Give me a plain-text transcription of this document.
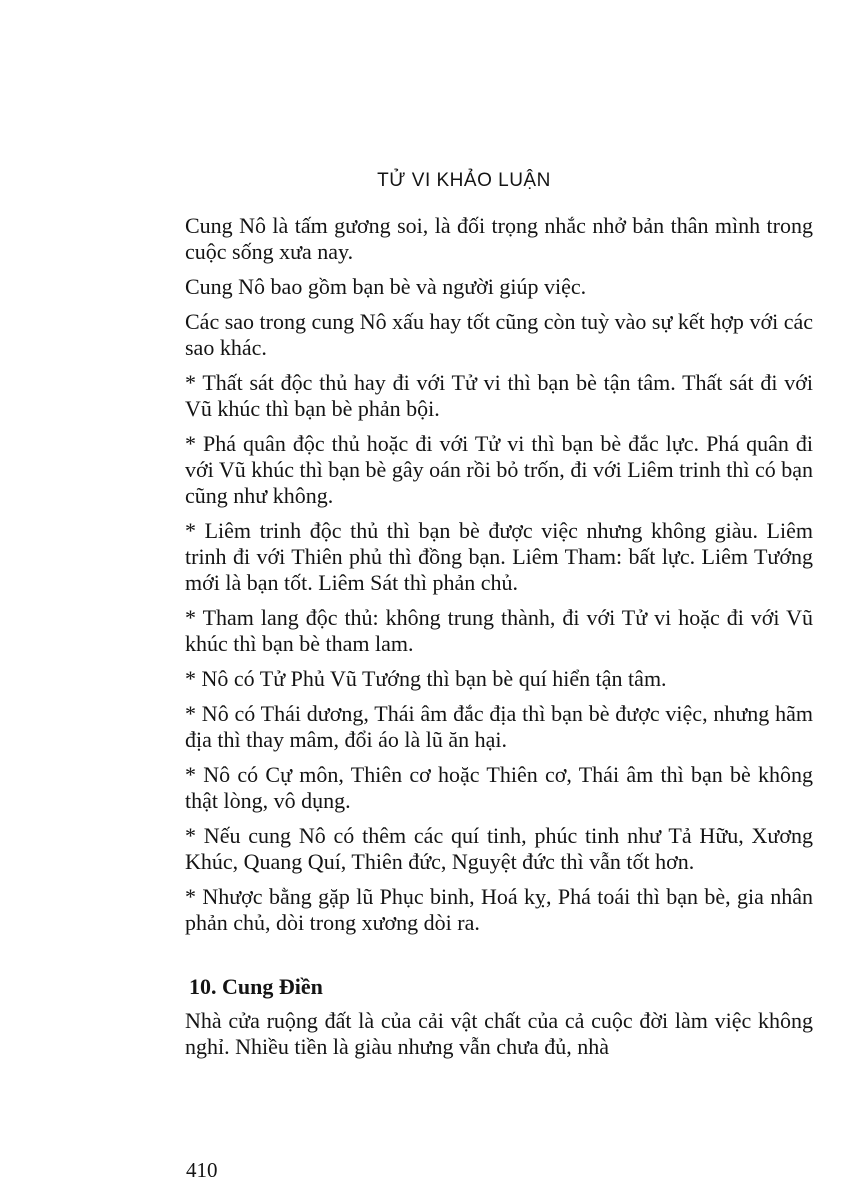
TỬ VI KHẢO LUẬN

Cung Nô là tấm gương soi, là đối trọng nhắc nhở bản thân mình trong cuộc sống xưa nay.

Cung Nô bao gồm bạn bè và người giúp việc.

Các sao trong cung Nô xấu hay tốt cũng còn tuỳ vào sự kết hợp với các sao khác.

* Thất sát độc thủ hay đi với Tử vi thì bạn bè tận tâm. Thất sát đi với Vũ khúc thì bạn bè phản bội.

* Phá quân độc thủ hoặc đi với Tử vi thì bạn bè đắc lực. Phá quân đi với Vũ khúc thì bạn bè gây oán rồi bỏ trốn, đi với Liêm trinh thì có bạn cũng như không.

* Liêm trinh độc thủ thì bạn bè được việc nhưng không giàu. Liêm trinh đi với Thiên phủ thì đồng bạn. Liêm Tham: bất lực. Liêm Tướng mới là bạn tốt. Liêm Sát thì phản chủ.

* Tham lang độc thủ: không trung thành, đi với Tử vi hoặc đi với Vũ khúc thì bạn bè tham lam.

* Nô có Tử Phủ Vũ Tướng thì bạn bè quí hiển tận tâm.

* Nô có Thái dương, Thái âm đắc địa thì bạn bè được việc, nhưng hãm địa thì thay mâm, đổi áo là lũ ăn hại.

* Nô có Cự môn, Thiên cơ hoặc Thiên cơ, Thái âm thì bạn bè không thật lòng, vô dụng.

* Nếu cung Nô có thêm các quí tinh, phúc tinh như Tả Hữu, Xương Khúc, Quang Quí, Thiên đức, Nguyệt đức thì vẫn tốt hơn.

* Nhược bằng gặp lũ Phục binh, Hoá kỵ, Phá toái thì bạn bè, gia nhân phản chủ, dòi trong xương dòi ra.

10. Cung Điền

Nhà cửa ruộng đất là của cải vật chất của cả cuộc đời làm việc không nghỉ. Nhiều tiền là giàu nhưng vẫn chưa đủ, nhà

410
